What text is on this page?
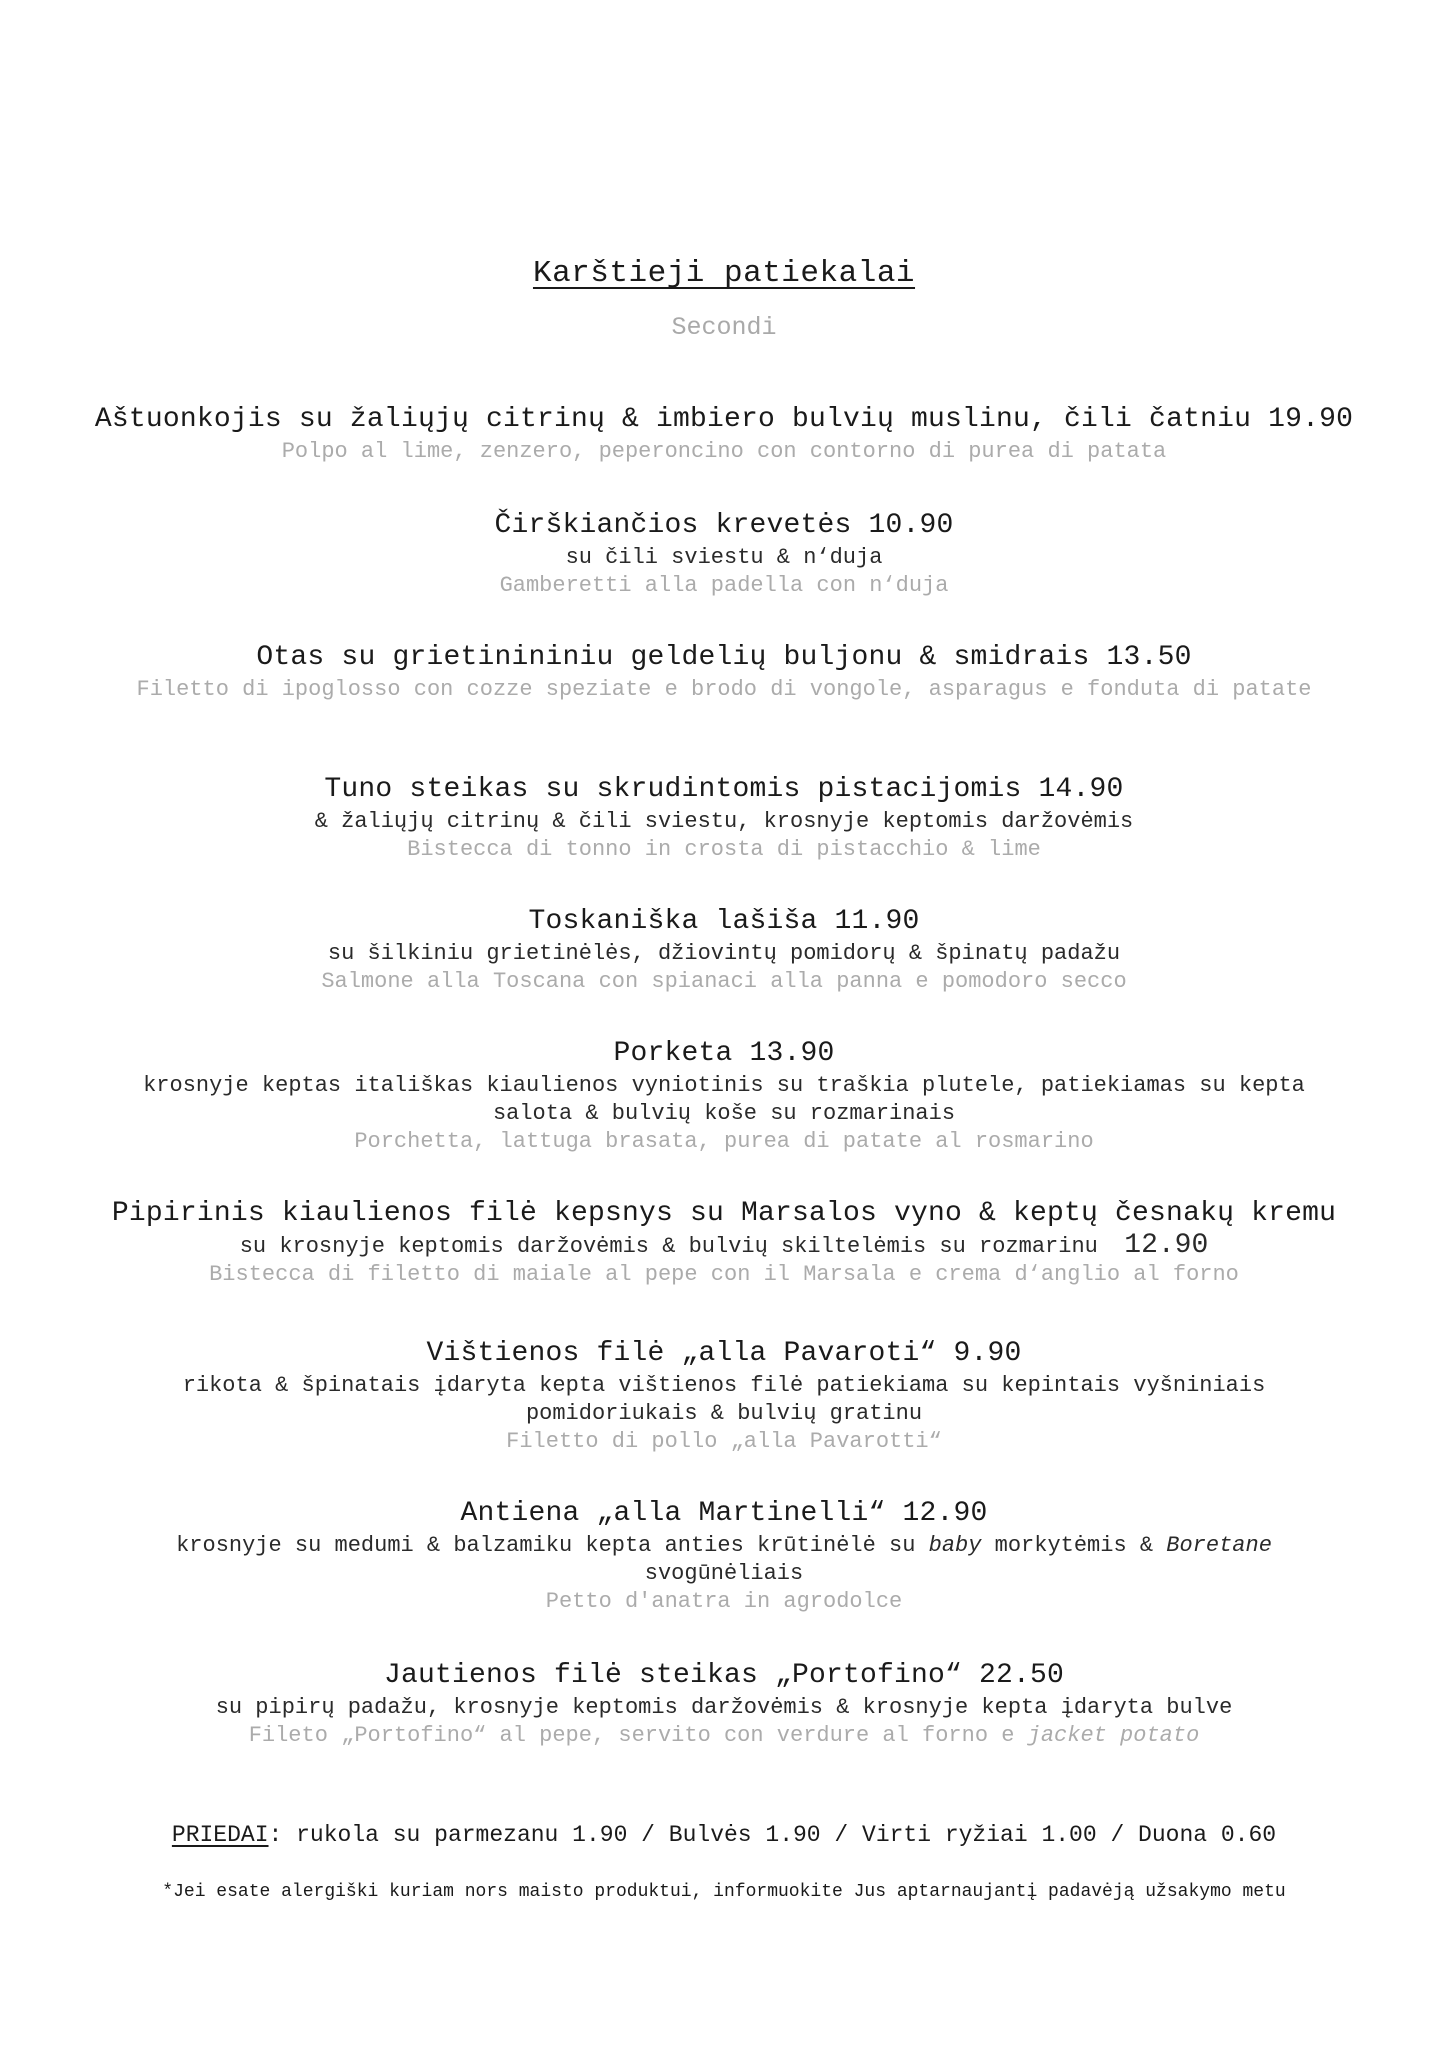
Karštieji patiekalai
Secondi
Aštuonkojis su žaliųjų citrinų & imbiero bulvių muslinu, čili čatniu 19.90
Polpo al lime, zenzero, peperoncino con contorno di purea di patata
Čirškiančios krevetės 10.90
su čili sviestu & n‘duja
Gamberetti alla padella con n‘duja
Otas su grietinininiu geldelių buljonu & smidrais 13.50
Filetto di ipoglosso con cozze speziate e brodo di vongole, asparagus e fonduta di patate
Tuno steikas su skrudintomis pistacijomis 14.90
& žaliųjų citrinų & čili sviestu, krosnyje keptomis daržovėmis
Bistecca di tonno in crosta di pistacchio & lime
Toskaniška lašiša 11.90
su šilkiniu grietinėlės, džiovintų pomidorų & špinatų padažu
Salmone alla Toscana con spianaci alla panna e pomodoro secco
Porketa 13.90
krosnyje keptas itališkas kiaulienos vyniotinis su traškia plutele, patiekiamas su kepta
salota & bulvių koše su rozmarinais
Porchetta, lattuga brasata, purea di patate al rosmarino
Pipirinis kiaulienos filė kepsnys su Marsalos vyno & keptų česnakų kremu
su krosnyje keptomis daržovėmis & bulvių skiltelėmis su rozmarinu 12.90
Bistecca di filetto di maiale al pepe con il Marsala e crema d‘anglio al forno
Vištienos filė „alla Pavaroti“ 9.90
rikota & špinatais įdaryta kepta vištienos filė patiekiama su kepintais vyšniniais
pomidoriukais & bulvių gratinu
Filetto di pollo „alla Pavarotti“
Antiena „alla Martinelli“ 12.90
krosnyje su medumi & balzamiku kepta anties krūtinėlė su baby morkytėmis & Boretane
svogūnėliais
Petto d'anatra in agrodolce
Jautienos filė steikas „Portofino“ 22.50
su pipirų padažu, krosnyje keptomis daržovėmis & krosnyje kepta įdaryta bulve
Fileto „Portofino“ al pepe, servito con verdure al forno e jacket potato
PRIEDAI: rukola su parmezanu 1.90 / Bulvės 1.90 / Virti ryžiai 1.00 / Duona 0.60
*Jei esate alergiški kuriam nors maisto produktui, informuokite Jus aptarnaujantį padavėją užsakymo metu
